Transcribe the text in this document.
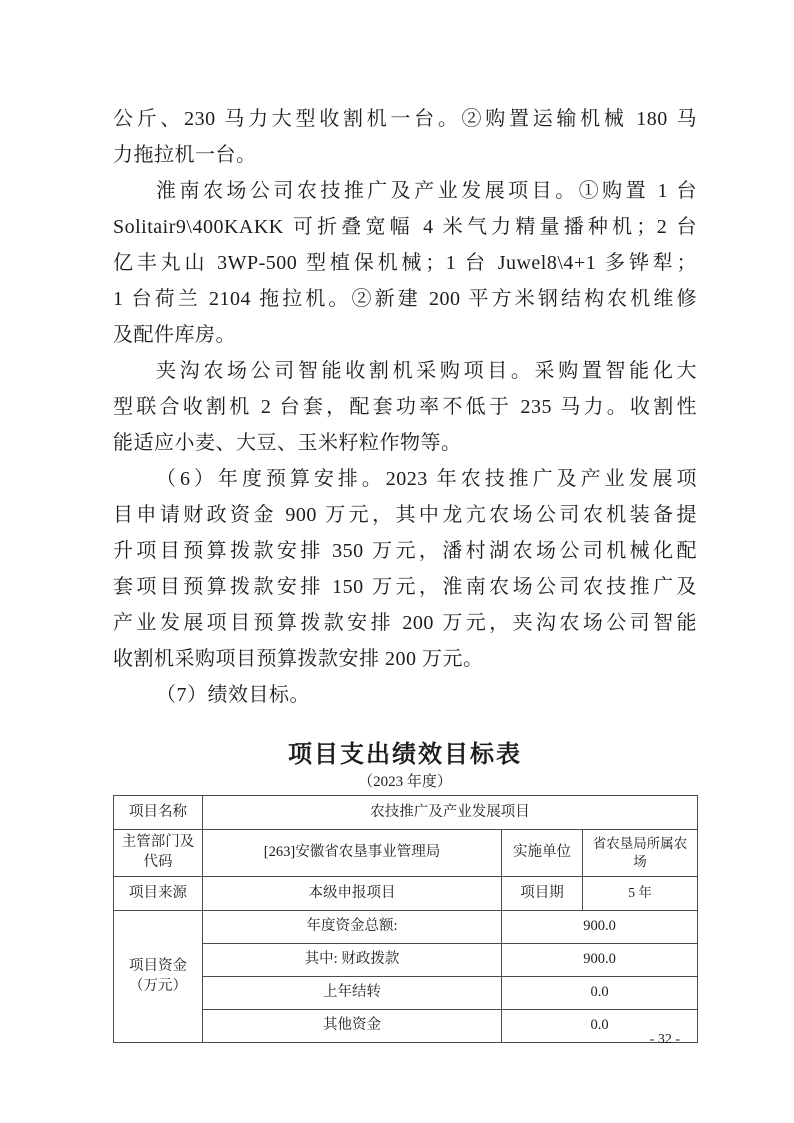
公斤、230 马力大型收割机一台。②购置运输机械 180 马
力拖拉机一台。
淮南农场公司农技推广及产业发展项目。①购置 1 台
Solitair9\400KAKK 可折叠宽幅 4 米气力精量播种机；2 台
亿丰丸山 3WP-500 型植保机械；1 台 Juwel8\4+1 多铧犁；
1 台荷兰 2104 拖拉机。②新建 200 平方米钢结构农机维修
及配件库房。
夹沟农场公司智能收割机采购项目。采购置智能化大
型联合收割机 2 台套，配套功率不低于 235 马力。收割性
能适应小麦、大豆、玉米籽粒作物等。
（6）年度预算安排。2023 年农技推广及产业发展项
目申请财政资金 900 万元，其中龙亢农场公司农机装备提
升项目预算拨款安排 350 万元，潘村湖农场公司机械化配
套项目预算拨款安排 150 万元，淮南农场公司农技推广及
产业发展项目预算拨款安排 200 万元，夹沟农场公司智能
收割机采购项目预算拨款安排 200 万元。
（7）绩效目标。
项目支出绩效目标表
（2023 年度）
项目名称	农技推广及产业发展项目		
主管部门及代码	[263]安徽省农垦事业管理局	实施单位	省农垦局所属农场
项目来源	本级申报项目	项目期	5 年
项目资金（万元）	年度资金总额:	900.0	
	其中: 财政拨款	900.0	
	上年结转	0.0	
	其他资金	0.0	
- 32 -
